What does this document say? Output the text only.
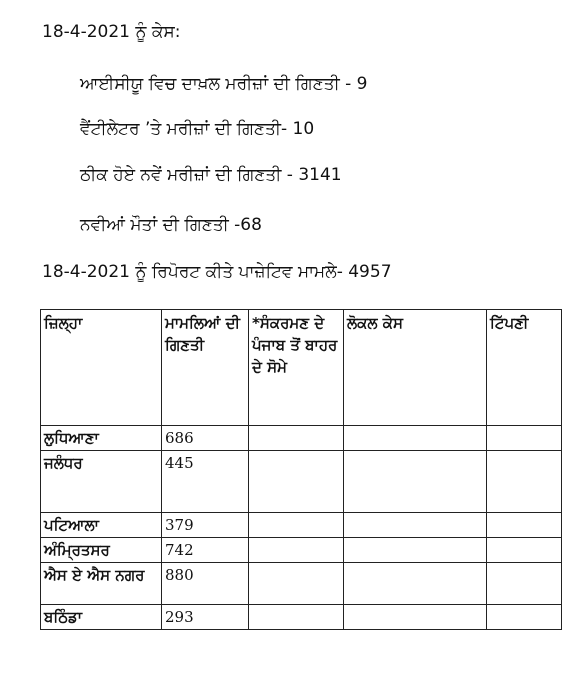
18-4-2021 ਨੂੰ ਕੇਸ:
ਆਈਸੀਯੂ ਵਿਚ ਦਾਖ਼ਲ ਮਰੀਜ਼ਾਂ ਦੀ ਗਿਣਤੀ - 9
ਵੈਂਟੀਲੇਟਰ ’ਤੇ ਮਰੀਜ਼ਾਂ ਦੀ ਗਿਣਤੀ- 10
ਠੀਕ ਹੋਏ ਨਵੇਂ ਮਰੀਜ਼ਾਂ ਦੀ ਗਿਣਤੀ - 3141
ਨਵੀਆਂ ਮੌਤਾਂ ਦੀ ਗਿਣਤੀ -68
18-4-2021 ਨੂੰ ਰਿਪੋਰਟ ਕੀਤੇ ਪਾਜ਼ੇਟਿਵ ਮਾਮਲੇ- 4957
ਜ਼ਿਲ੍ਹਾ	ਮਾਮਲਿਆਂ ਦੀ ਗਿਣਤੀ	*ਸੰਕਰਮਣ ਦੇ ਪੰਜਾਬ ਤੋਂ ਬਾਹਰ ਦੇ ਸੋਮੇ	ਲੋਕਲ ਕੇਸ	ਟਿੱਪਣੀ
ਲੁਧਿਆਣਾ	686			
ਜਲੰਧਰ	445			
ਪਟਿਆਲਾ	379			
ਅੰਮ੍ਰਿਤਸਰ	742			
ਐਸ ਏ ਐਸ ਨਗਰ	880			
ਬਠਿੰਡਾ	293			
